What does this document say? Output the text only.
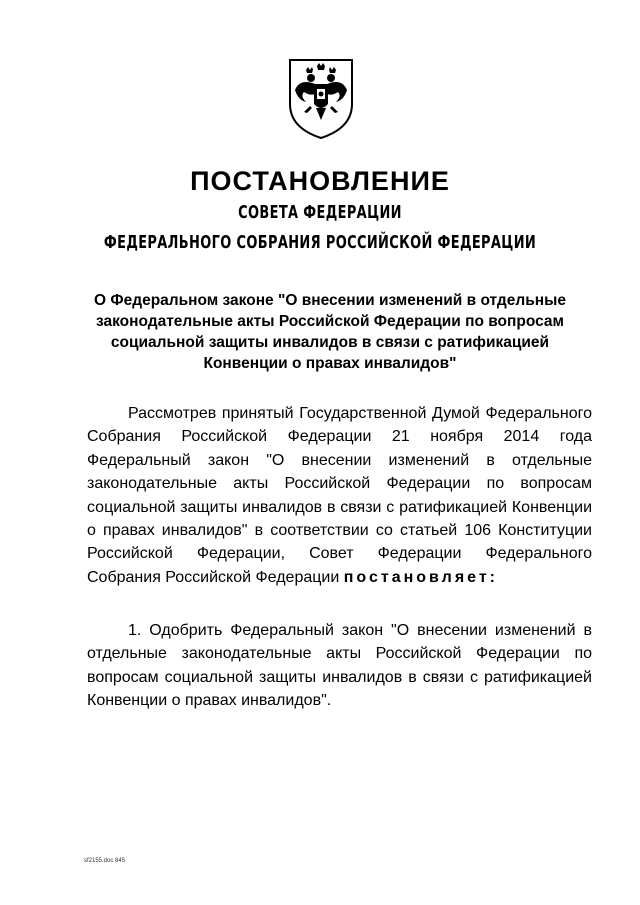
ПОСТАНОВЛЕНИЕ
СОВЕТА ФЕДЕРАЦИИ
ФЕДЕРАЛЬНОГО СОБРАНИЯ РОССИЙСКОЙ ФЕДЕРАЦИИ
О Федеральном законе "О внесении изменений в отдельные
законодательные акты Российской Федерации по вопросам
социальной защиты инвалидов в связи с ратификацией
Конвенции о правах инвалидов"
Рассмотрев принятый Государственной Думой Федерального
Собрания Российской Федерации 21 ноября 2014 года
Федеральный закон "О внесении изменений в отдельные
законодательные акты Российской Федерации по вопросам
социальной защиты инвалидов в связи с ратификацией Конвенции
о правах инвалидов" в соответствии со статьей 106 Конституции
Российской Федерации, Совет Федерации Федерального
Собрания Российской Федерации постановляет:
1. Одобрить Федеральный закон "О внесении изменений в
отдельные законодательные акты Российской Федерации по
вопросам социальной защиты инвалидов в связи с ратификацией
Конвенции о правах инвалидов".
sf2155.doc 845
